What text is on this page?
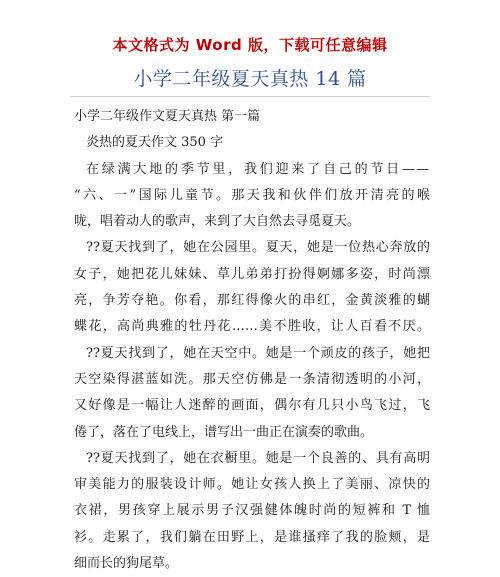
本文格式为 Word 版，下载可任意编辑
小学二年级夏天真热 14 篇
小学二年级作文夏天真热 第一篇
炎热的夏天作文 350 字
在绿满大地的季节里，我们迎来了自己的节日——
“六、一”国际儿童节。那天我和伙伴们放开清亮的喉
咙，唱着动人的歌声，来到了大自然去寻觅夏天。
??夏天找到了，她在公园里。夏天，她是一位热心奔放的
女子，她把花儿妹妹、草儿弟弟打扮得婀娜多姿，时尚漂
亮，争芳夺艳。你看，那红得像火的串红，金黄淡雅的蝴
蝶花，高尚典雅的牡丹花……美不胜收，让人百看不厌。
??夏天找到了，她在天空中。她是一个顽皮的孩子，她把
天空染得湛蓝如洗。那天空仿佛是一条清彻透明的小河，
又好像是一幅让人迷醉的画面，偶尔有几只小鸟飞过，飞
倦了，落在了电线上，谱写出一曲正在演奏的歌曲。
??夏天找到了，她在衣橱里。她是一个良善的、具有高明
审美能力的服装设计师。她让女孩人换上了美丽、凉快的
衣裙，男孩穿上展示男子汉强健体魄时尚的短裤和 T 恤
衫。走累了，我们躺在田野上，是谁搔痒了我的脸颊，是
细而长的狗尾草。
